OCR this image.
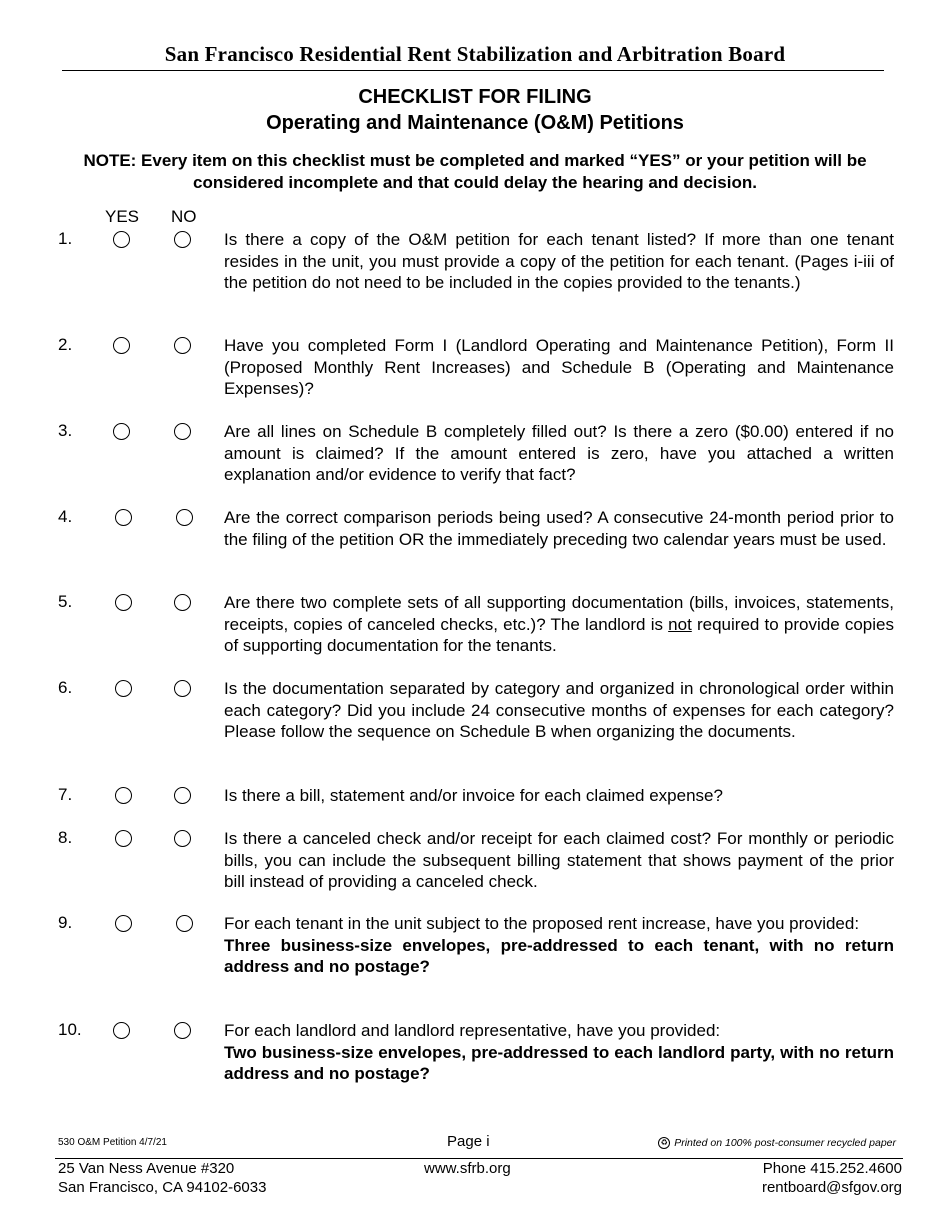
San Francisco Residential Rent Stabilization and Arbitration Board
CHECKLIST FOR FILING
Operating and Maintenance (O&M) Petitions
NOTE: Every item on this checklist must be completed and marked “YES” or your petition will be considered incomplete and that could delay the hearing and decision.
YES NO
1.	Is there a copy of the O&M petition for each tenant listed? If more than one tenant resides in the unit, you must provide a copy of the petition for each tenant. (Pages i-iii of the petition do not need to be included in the copies provided to the tenants.)
2.	Have you completed Form I (Landlord Operating and Maintenance Petition), Form II (Proposed Monthly Rent Increases) and Schedule B (Operating and Maintenance Expenses)?
3.	Are all lines on Schedule B completely filled out? Is there a zero ($0.00) entered if no amount is claimed? If the amount entered is zero, have you attached a written explanation and/or evidence to verify that fact?
4.	Are the correct comparison periods being used? A consecutive 24-month period prior to the filing of the petition OR the immediately preceding two calendar years must be used.
5.	Are there two complete sets of all supporting documentation (bills, invoices, statements, receipts, copies of canceled checks, etc.)? The landlord is not required to provide copies of supporting documentation for the tenants.
6.	Is the documentation separated by category and organized in chronological order within each category? Did you include 24 consecutive months of expenses for each category? Please follow the sequence on Schedule B when organizing the documents.
7.	Is there a bill, statement and/or invoice for each claimed expense?
8.	Is there a canceled check and/or receipt for each claimed cost? For monthly or periodic bills, you can include the subsequent billing statement that shows payment of the prior bill instead of providing a canceled check.
9.	For each tenant in the unit subject to the proposed rent increase, have you provided:
Three business-size envelopes, pre-addressed to each tenant, with no return address and no postage?
10.	For each landlord and landlord representative, have you provided:
Two business-size envelopes, pre-addressed to each landlord party, with no return address and no postage?
530 O&M Petition 4/7/21	Page i	♻ Printed on 100% post-consumer recycled paper
25 Van Ness Avenue #320
San Francisco, CA 94102-6033
www.sfrb.org	Phone 415.252.4600
rentboard@sfgov.org
